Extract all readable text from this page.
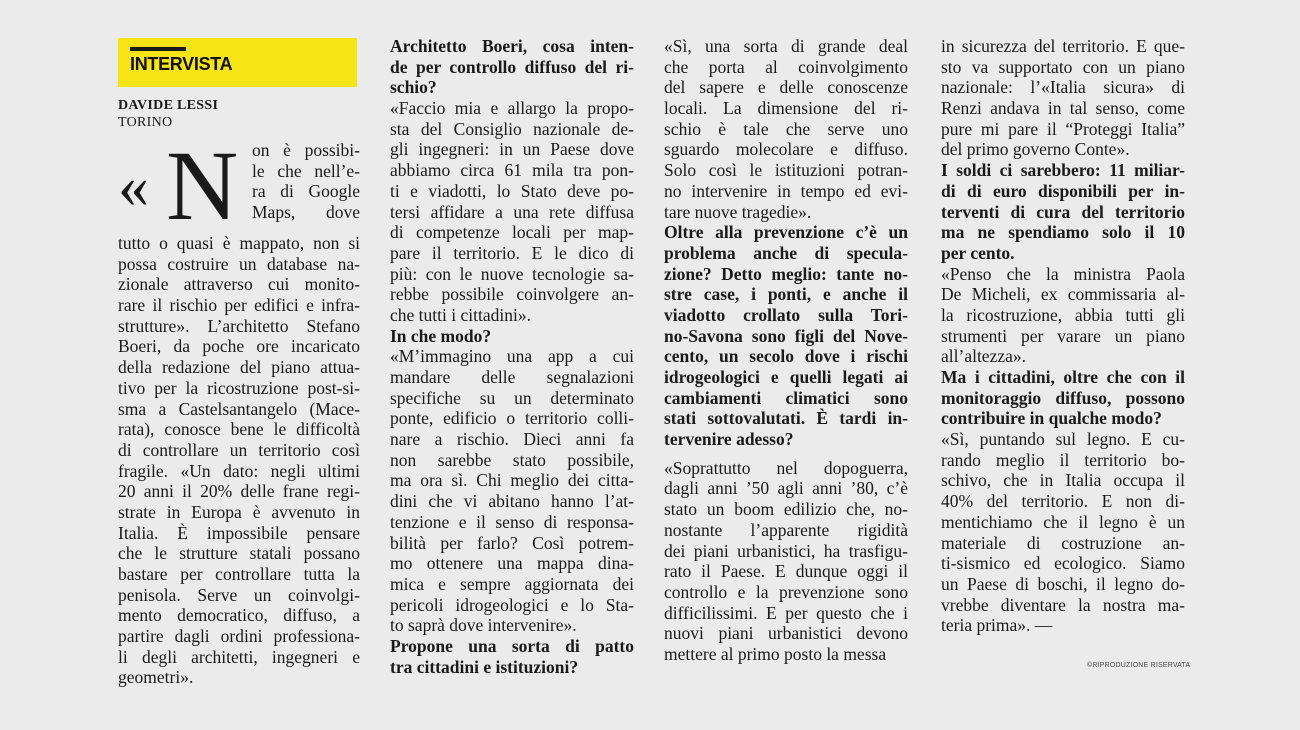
INTERVISTA
DAVIDE LESSI
TORINO
« N on è possibi-
le che nell’e-
ra di Google
Maps, dove
tutto o quasi è mappato, non si
possa costruire un database na-
zionale attraverso cui monito-
rare il rischio per edifici e infra-
strutture». L’architetto Stefano
Boeri, da poche ore incaricato
della redazione del piano attua-
tivo per la ricostruzione post-si-
sma a Castelsantangelo (Mace-
rata), conosce bene le difficoltà
di controllare un territorio così
fragile. «Un dato: negli ultimi
20 anni il 20% delle frane regi-
strate in Europa è avvenuto in
Italia. È impossibile pensare
che le strutture statali possano
bastare per controllare tutta la
penisola. Serve un coinvolgi-
mento democratico, diffuso, a
partire dagli ordini professiona-
li degli architetti, ingegneri e
geometri».
Architetto Boeri, cosa inten-
de per controllo diffuso del ri-
schio?
«Faccio mia e allargo la propo-
sta del Consiglio nazionale de-
gli ingegneri: in un Paese dove
abbiamo circa 61 mila tra pon-
ti e viadotti, lo Stato deve po-
tersi affidare a una rete diffusa
di competenze locali per map-
pare il territorio. E le dico di
più: con le nuove tecnologie sa-
rebbe possibile coinvolgere an-
che tutti i cittadini».
In che modo?
«M’immagino una app a cui
mandare delle segnalazioni
specifiche su un determinato
ponte, edificio o territorio colli-
nare a rischio. Dieci anni fa
non sarebbe stato possibile,
ma ora sì. Chi meglio dei citta-
dini che vi abitano hanno l’at-
tenzione e il senso di responsa-
bilità per farlo? Così potrem-
mo ottenere una mappa dina-
mica e sempre aggiornata dei
pericoli idrogeologici e lo Sta-
to saprà dove intervenire».
Propone una sorta di patto
tra cittadini e istituzioni?
«Sì, una sorta di grande deal
che porta al coinvolgimento
del sapere e delle conoscenze
locali. La dimensione del ri-
schio è tale che serve uno
sguardo molecolare e diffuso.
Solo così le istituzioni potran-
no intervenire in tempo ed evi-
tare nuove tragedie».
Oltre alla prevenzione c’è un
problema anche di specula-
zione? Detto meglio: tante no-
stre case, i ponti, e anche il
viadotto crollato sulla Tori-
no-Savona sono figli del Nove-
cento, un secolo dove i rischi
idrogeologici e quelli legati ai
cambiamenti climatici sono
stati sottovalutati. È tardi in-
tervenire adesso?
«Soprattutto nel dopoguerra,
dagli anni ’50 agli anni ’80, c’è
stato un boom edilizio che, no-
nostante l’apparente rigidità
dei piani urbanistici, ha trasfigu-
rato il Paese. E dunque oggi il
controllo e la prevenzione sono
difficilissimi. E per questo che i
nuovi piani urbanistici devono
mettere al primo posto la messa
in sicurezza del territorio. E que-
sto va supportato con un piano
nazionale: l’«Italia sicura» di
Renzi andava in tal senso, come
pure mi pare il “Proteggi Italia”
del primo governo Conte».
I soldi ci sarebbero: 11 miliar-
di di euro disponibili per in-
terventi di cura del territorio
ma ne spendiamo solo il 10
per cento.
«Penso che la ministra Paola
De Micheli, ex commissaria al-
la ricostruzione, abbia tutti gli
strumenti per varare un piano
all’altezza».
Ma i cittadini, oltre che con il
monitoraggio diffuso, possono
contribuire in qualche modo?
«Sì, puntando sul legno. E cu-
rando meglio il territorio bo-
schivo, che in Italia occupa il
40% del territorio. E non di-
mentichiamo che il legno è un
materiale di costruzione an-
ti-sismico ed ecologico. Siamo
un Paese di boschi, il legno do-
vrebbe diventare la nostra ma-
teria prima». —
©RIPRODUZIONE RISERVATA
